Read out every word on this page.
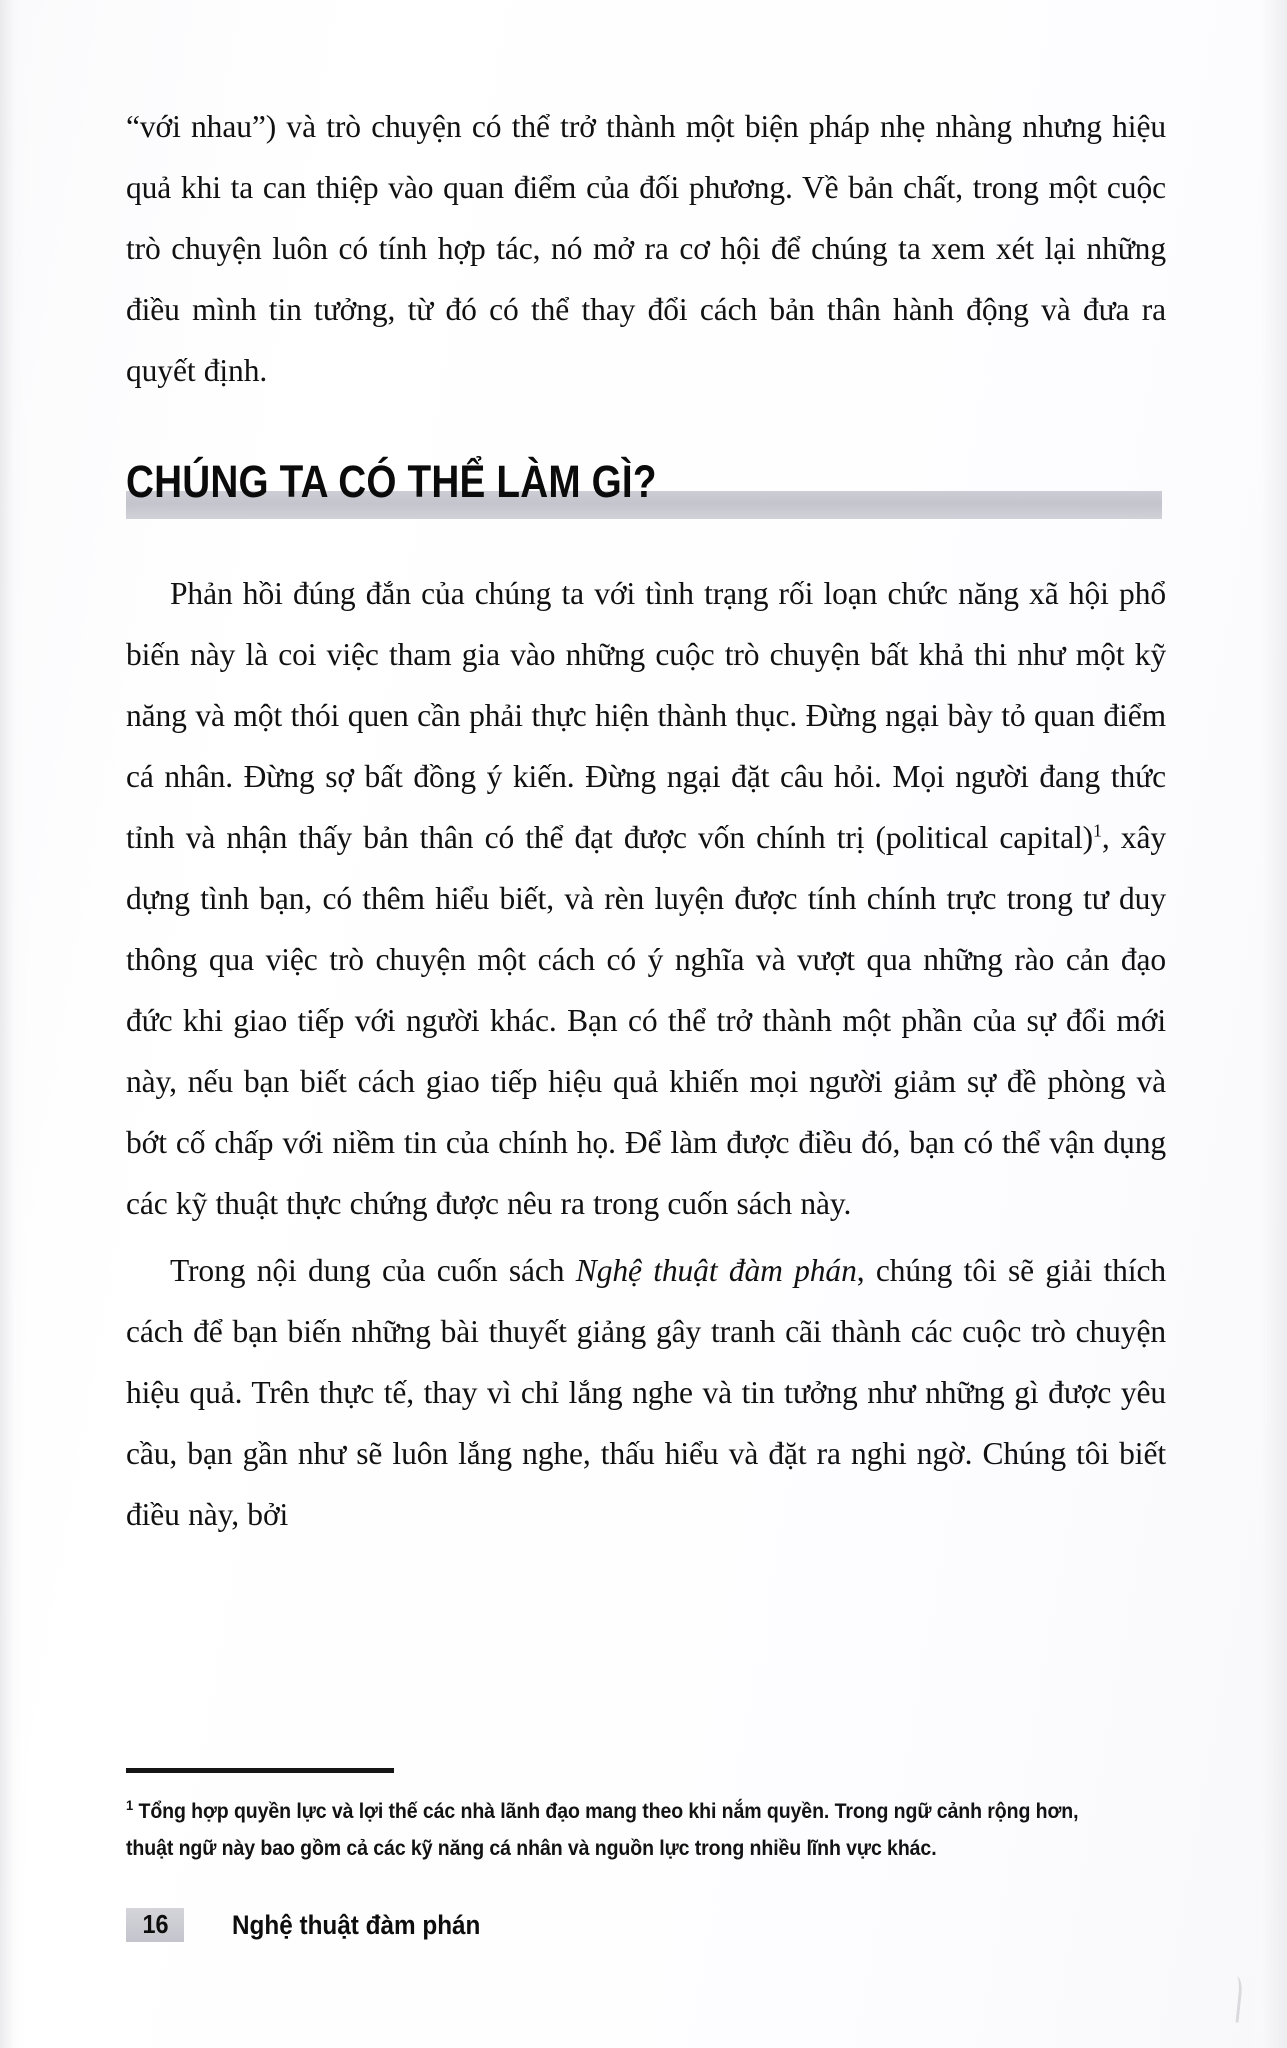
“với nhau”) và trò chuyện có thể trở thành một biện pháp nhẹ nhàng nhưng hiệu quả khi ta can thiệp vào quan điểm của đối phương. Về bản chất, trong một cuộc trò chuyện luôn có tính hợp tác, nó mở ra cơ hội để chúng ta xem xét lại những điều mình tin tưởng, từ đó có thể thay đổi cách bản thân hành động và đưa ra quyết định.

CHÚNG TA CÓ THỂ LÀM GÌ?

Phản hồi đúng đắn của chúng ta với tình trạng rối loạn chức năng xã hội phổ biến này là coi việc tham gia vào những cuộc trò chuyện bất khả thi như một kỹ năng và một thói quen cần phải thực hiện thành thục. Đừng ngại bày tỏ quan điểm cá nhân. Đừng sợ bất đồng ý kiến. Đừng ngại đặt câu hỏi. Mọi người đang thức tỉnh và nhận thấy bản thân có thể đạt được vốn chính trị (political capital)$^1$, xây dựng tình bạn, có thêm hiểu biết, và rèn luyện được tính chính trực trong tư duy thông qua việc trò chuyện một cách có ý nghĩa và vượt qua những rào cản đạo đức khi giao tiếp với người khác. Bạn có thể trở thành một phần của sự đổi mới này, nếu bạn biết cách giao tiếp hiệu quả khiến mọi người giảm sự đề phòng và bớt cố chấp với niềm tin của chính họ. Để làm được điều đó, bạn có thể vận dụng các kỹ thuật thực chứng được nêu ra trong cuốn sách này.

Trong nội dung của cuốn sách Nghệ thuật đàm phán, chúng tôi sẽ giải thích cách để bạn biến những bài thuyết giảng gây tranh cãi thành các cuộc trò chuyện hiệu quả. Trên thực tế, thay vì chỉ lắng nghe và tin tưởng như những gì được yêu cầu, bạn gần như sẽ luôn lắng nghe, thấu hiểu và đặt ra nghi ngờ. Chúng tôi biết điều này, bởi

$^1$ Tổng hợp quyền lực và lợi thế các nhà lãnh đạo mang theo khi nắm quyền. Trong ngữ cảnh rộng hơn, thuật ngữ này bao gồm cả các kỹ năng cá nhân và nguồn lực trong nhiều lĩnh vực khác.

16	Nghệ thuật đàm phán
